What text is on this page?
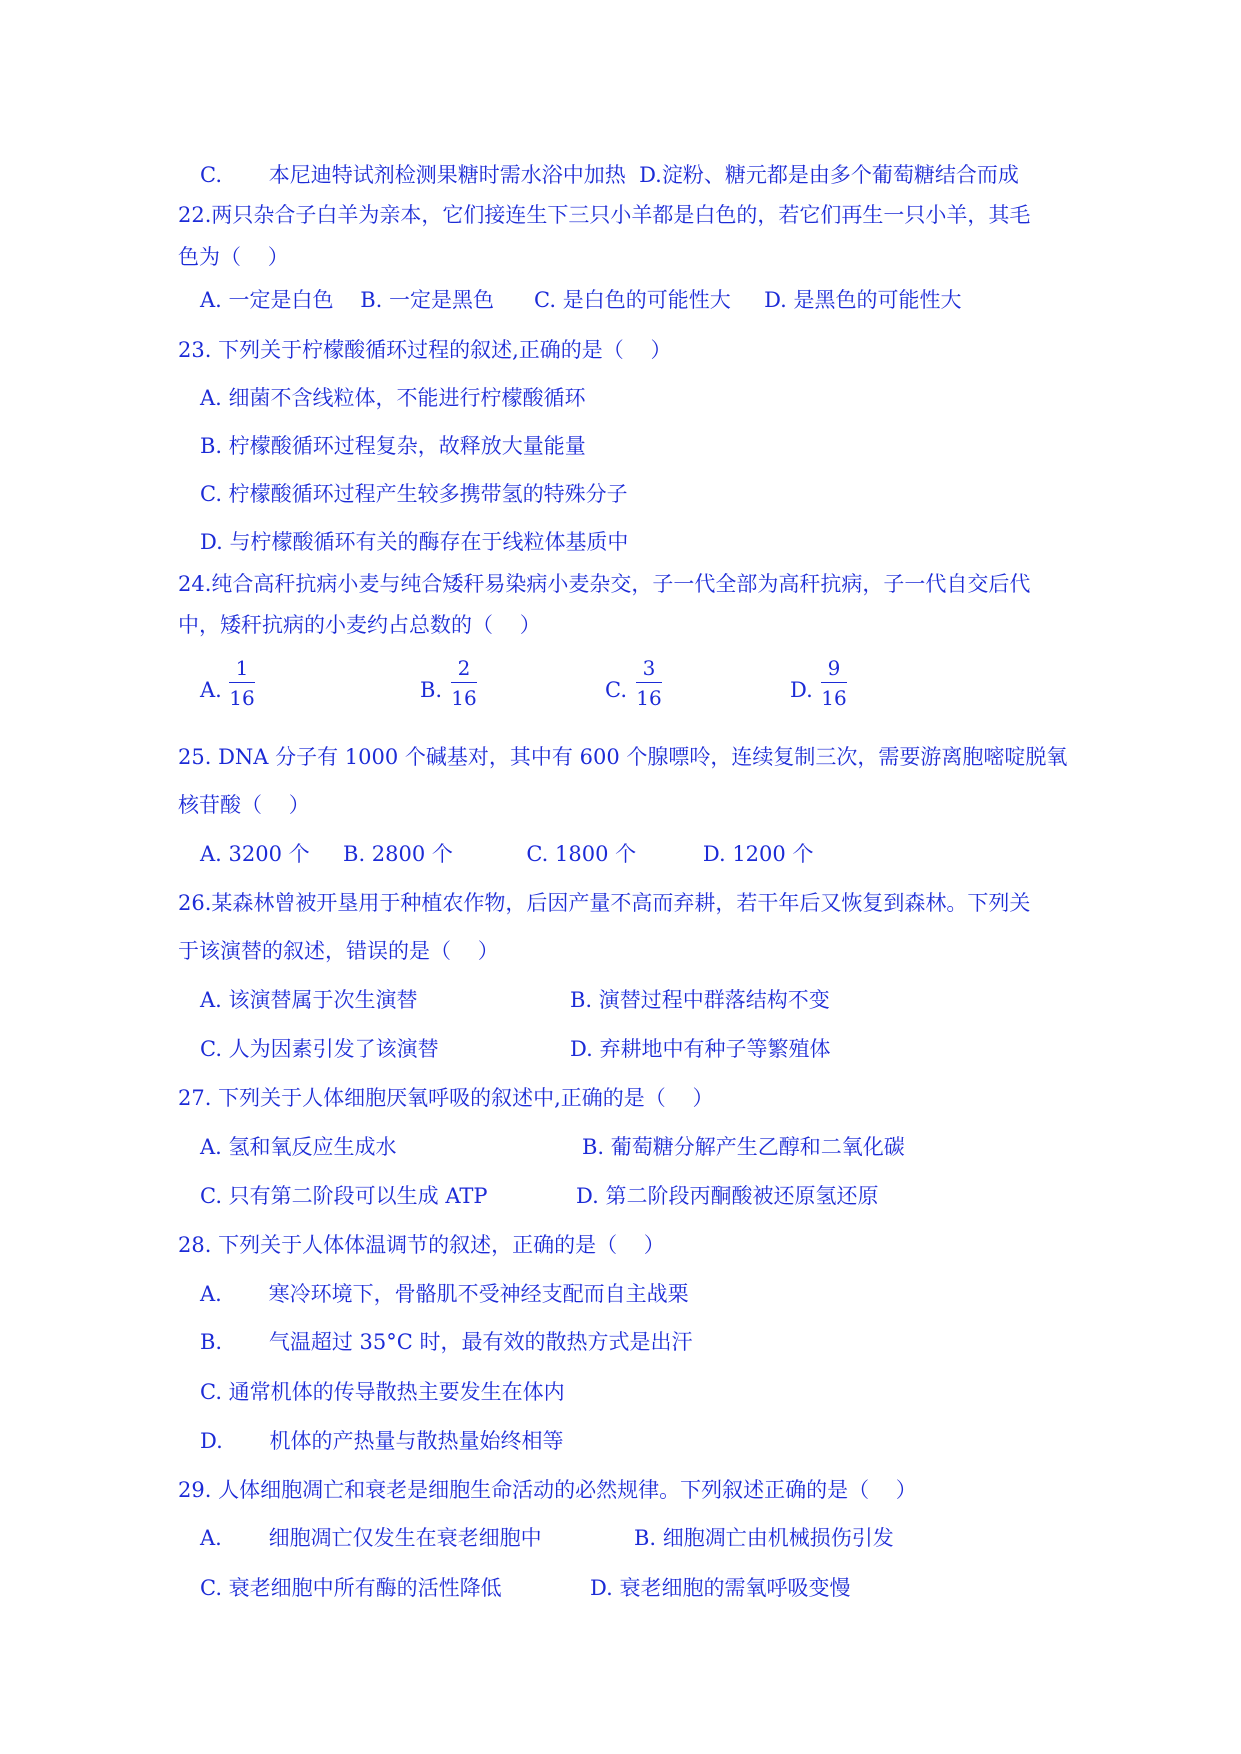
C.       本尼迪特试剂检测果糖时需水浴中加热  D.淀粉、糖元都是由多个葡萄糖结合而成
22.两只杂合子白羊为亲本，它们接连生下三只小羊都是白色的，若它们再生一只小羊，其毛
色为（    ）
A. 一定是白色    B. 一定是黑色      C. 是白色的可能性大     D. 是黑色的可能性大
23. 下列关于柠檬酸循环过程的叙述,正确的是（    ）
A. 细菌不含线粒体，不能进行柠檬酸循环
B. 柠檬酸循环过程复杂，故释放大量能量
C. 柠檬酸循环过程产生较多携带氢的特殊分子
D. 与柠檬酸循环有关的酶存在于线粒体基质中
24.纯合高秆抗病小麦与纯合矮秆易染病小麦杂交，子一代全部为高秆抗病，子一代自交后代
中，矮秆抗病的小麦约占总数的（    ）
A.
1
16	B.
2
16	C.
3
16	D.
9
16
25. DNA 分子有 1000 个碱基对，其中有 600 个腺嘌呤，连续复制三次，需要游离胞嘧啶脱氧
核苷酸（    ）
A. 3200 个     B. 2800 个           C. 1800 个          D. 1200 个
26.某森林曾被开垦用于种植农作物，后因产量不高而弃耕，若干年后又恢复到森林。下列关
于该演替的叙述，错误的是（    ）
A. 该演替属于次生演替	B. 演替过程中群落结构不变
C. 人为因素引发了该演替	D. 弃耕地中有种子等繁殖体
27. 下列关于人体细胞厌氧呼吸的叙述中,正确的是（    ）
A. 氢和氧反应生成水	B. 葡萄糖分解产生乙醇和二氧化碳
C. 只有第二阶段可以生成 ATP	D. 第二阶段丙酮酸被还原氢还原
28. 下列关于人体体温调节的叙述，正确的是（    ）
A.       寒冷环境下，骨骼肌不受神经支配而自主战栗
B.       气温超过 35°C 时，最有效的散热方式是出汗
C. 通常机体的传导散热主要发生在体内
D.       机体的产热量与散热量始终相等
29. 人体细胞凋亡和衰老是细胞生命活动的必然规律。下列叙述正确的是（    ）
A.       细胞凋亡仅发生在衰老细胞中	B. 细胞凋亡由机械损伤引发
C. 衰老细胞中所有酶的活性降低	D. 衰老细胞的需氧呼吸变慢
